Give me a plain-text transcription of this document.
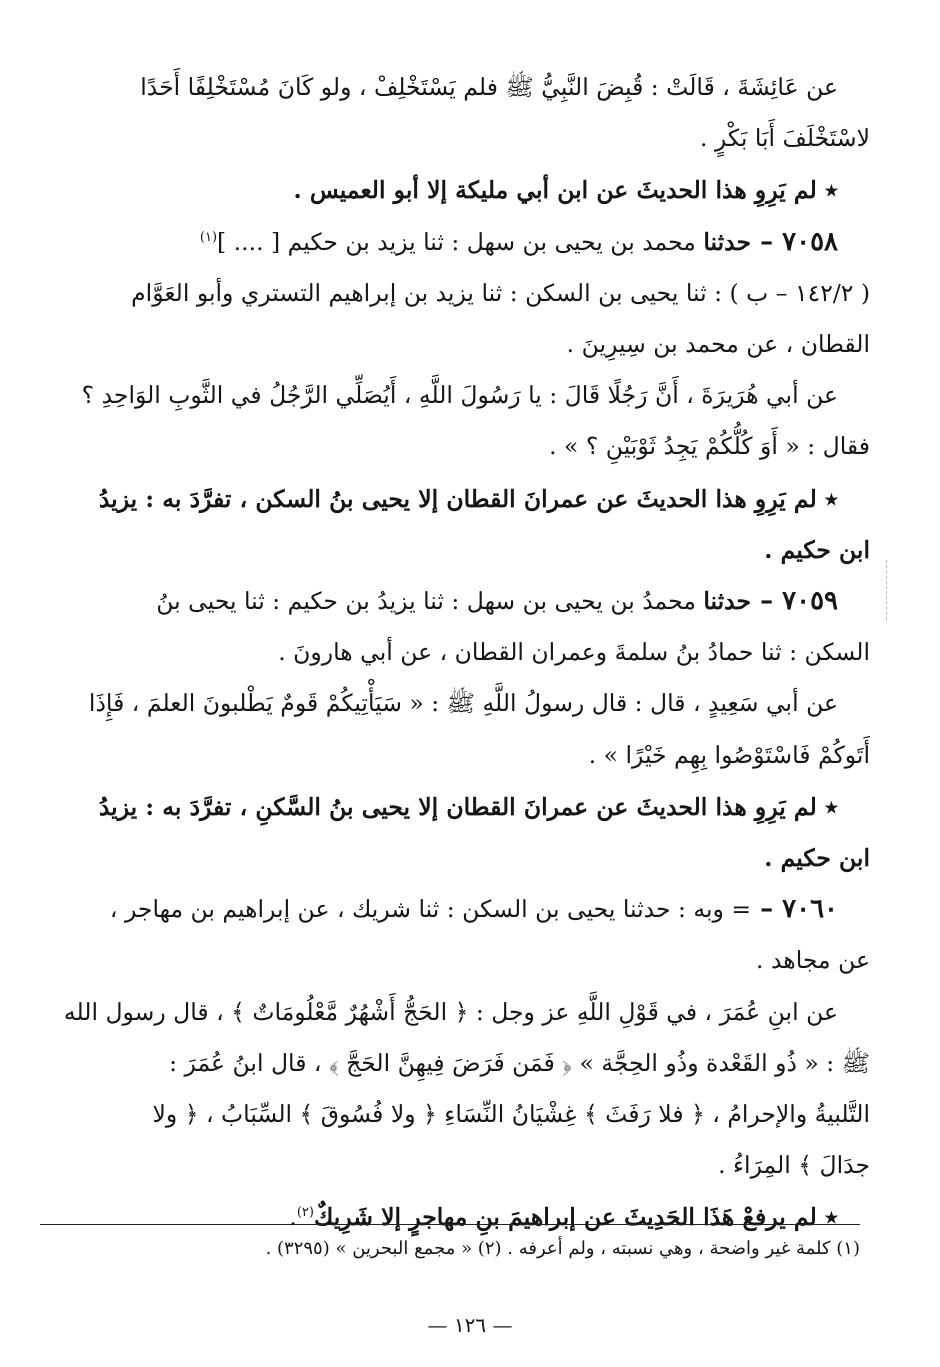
عن عَائِشَةَ ، قَالَتْ : قُبِضَ النَّبِيُّ ﷺ فلم يَسْتَخْلِفْ ، ولو كَانَ مُسْتَخْلِفًا أَحَدًا

لاسْتَخْلَفَ أَبَا بَكْرٍ .

٭ لم يَرِوِ هذا الحديثَ عن ابن أبي مليكة إلا أبو العميس .

٧٠٥٨ – حدثنا محمد بن يحيى بن سهل : ثنا يزيد بن حكيم [ .... ]$^{(١)}$

( ١٤٢/٢ – ب ) : ثنا يحيى بن السكن : ثنا يزيد بن إبراهيم التستري وأبو العَوَّام

القطان ، عن محمد بن سِيرِينَ .

عن أبي هُرَيرَةَ ، أَنَّ رَجُلًا قَالَ : يا رَسُولَ اللَّهِ ، أَيُصَلِّي الرَّجُلُ في الثَّوبِ الوَاحِدِ ؟

فقال : « أَوَ كُلُّكُمْ يَجِدُ ثَوْبَيْنِ ؟ » .

٭ لم يَرِوِ هذا الحديثَ عن عمرانَ القطان إلا يحيى بنُ السكن ، تفرَّدَ به : يزيدُ

ابن حكيم .

٧٠٥٩ – حدثنا محمدُ بن يحيى بن سهل : ثنا يزيدُ بن حكيم : ثنا يحيى بنُ

السكن : ثنا حمادُ بنُ سلمةَ وعمران القطان ، عن أبي هارونَ .

عن أبي سَعِيدٍ ، قال : قال رسولُ اللَّهِ ﷺ : « سَيَأْتِيكُمْ قَومٌ يَطْلبونَ العلمَ ، فَإِذَا

أَتَوكُمْ فَاسْتَوْصُوا بِهِم خَيْرًا » .

٭ لم يَرِوِ هذا الحديثَ عن عمرانَ القطان إلا يحيى بنُ السَّكنِ ، تفرَّدَ به : يزيدُ

ابن حكيم .

٧٠٦٠ – = وبه : حدثنا يحيى بن السكن : ثنا شريك ، عن إبراهيم بن مهاجر ،

عن مجاهد .

عن ابنِ عُمَرَ ، في قَوْلِ اللَّهِ عز وجل : ﴿ الحَجُّ أَشْهُرٌ مَّعْلُومَاتٌ ﴾ ، قال رسول الله

ﷺ : « ذُو القَعْدة وذُو الحِجَّة » ﴿ فَمَن فَرَضَ فِيهِنَّ الحَجَّ ﴾ ، قال ابنُ عُمَرَ :

التَّلبيةُ والإحرامُ ، ﴿ فلا رَفَثَ ﴾ غِشْيَانُ النِّسَاءِ ﴿ ولا فُسُوقَ ﴾ السِّبَابُ ، ﴿ ولا

جدَالَ ﴾ المِرَاءُ .

٭ لم يرفعْ هَذَا الحَدِيثَ عن إبراهيمَ بنِ مهاجرٍ إلا شَرِيكٌ$^{(٢)}$.

(١) كلمة غير واضحة ، وهي نسبته ، ولم أعرفه . (٢) « مجمع البحرين » (٣٢٩٥) .
— ١٢٦ —
